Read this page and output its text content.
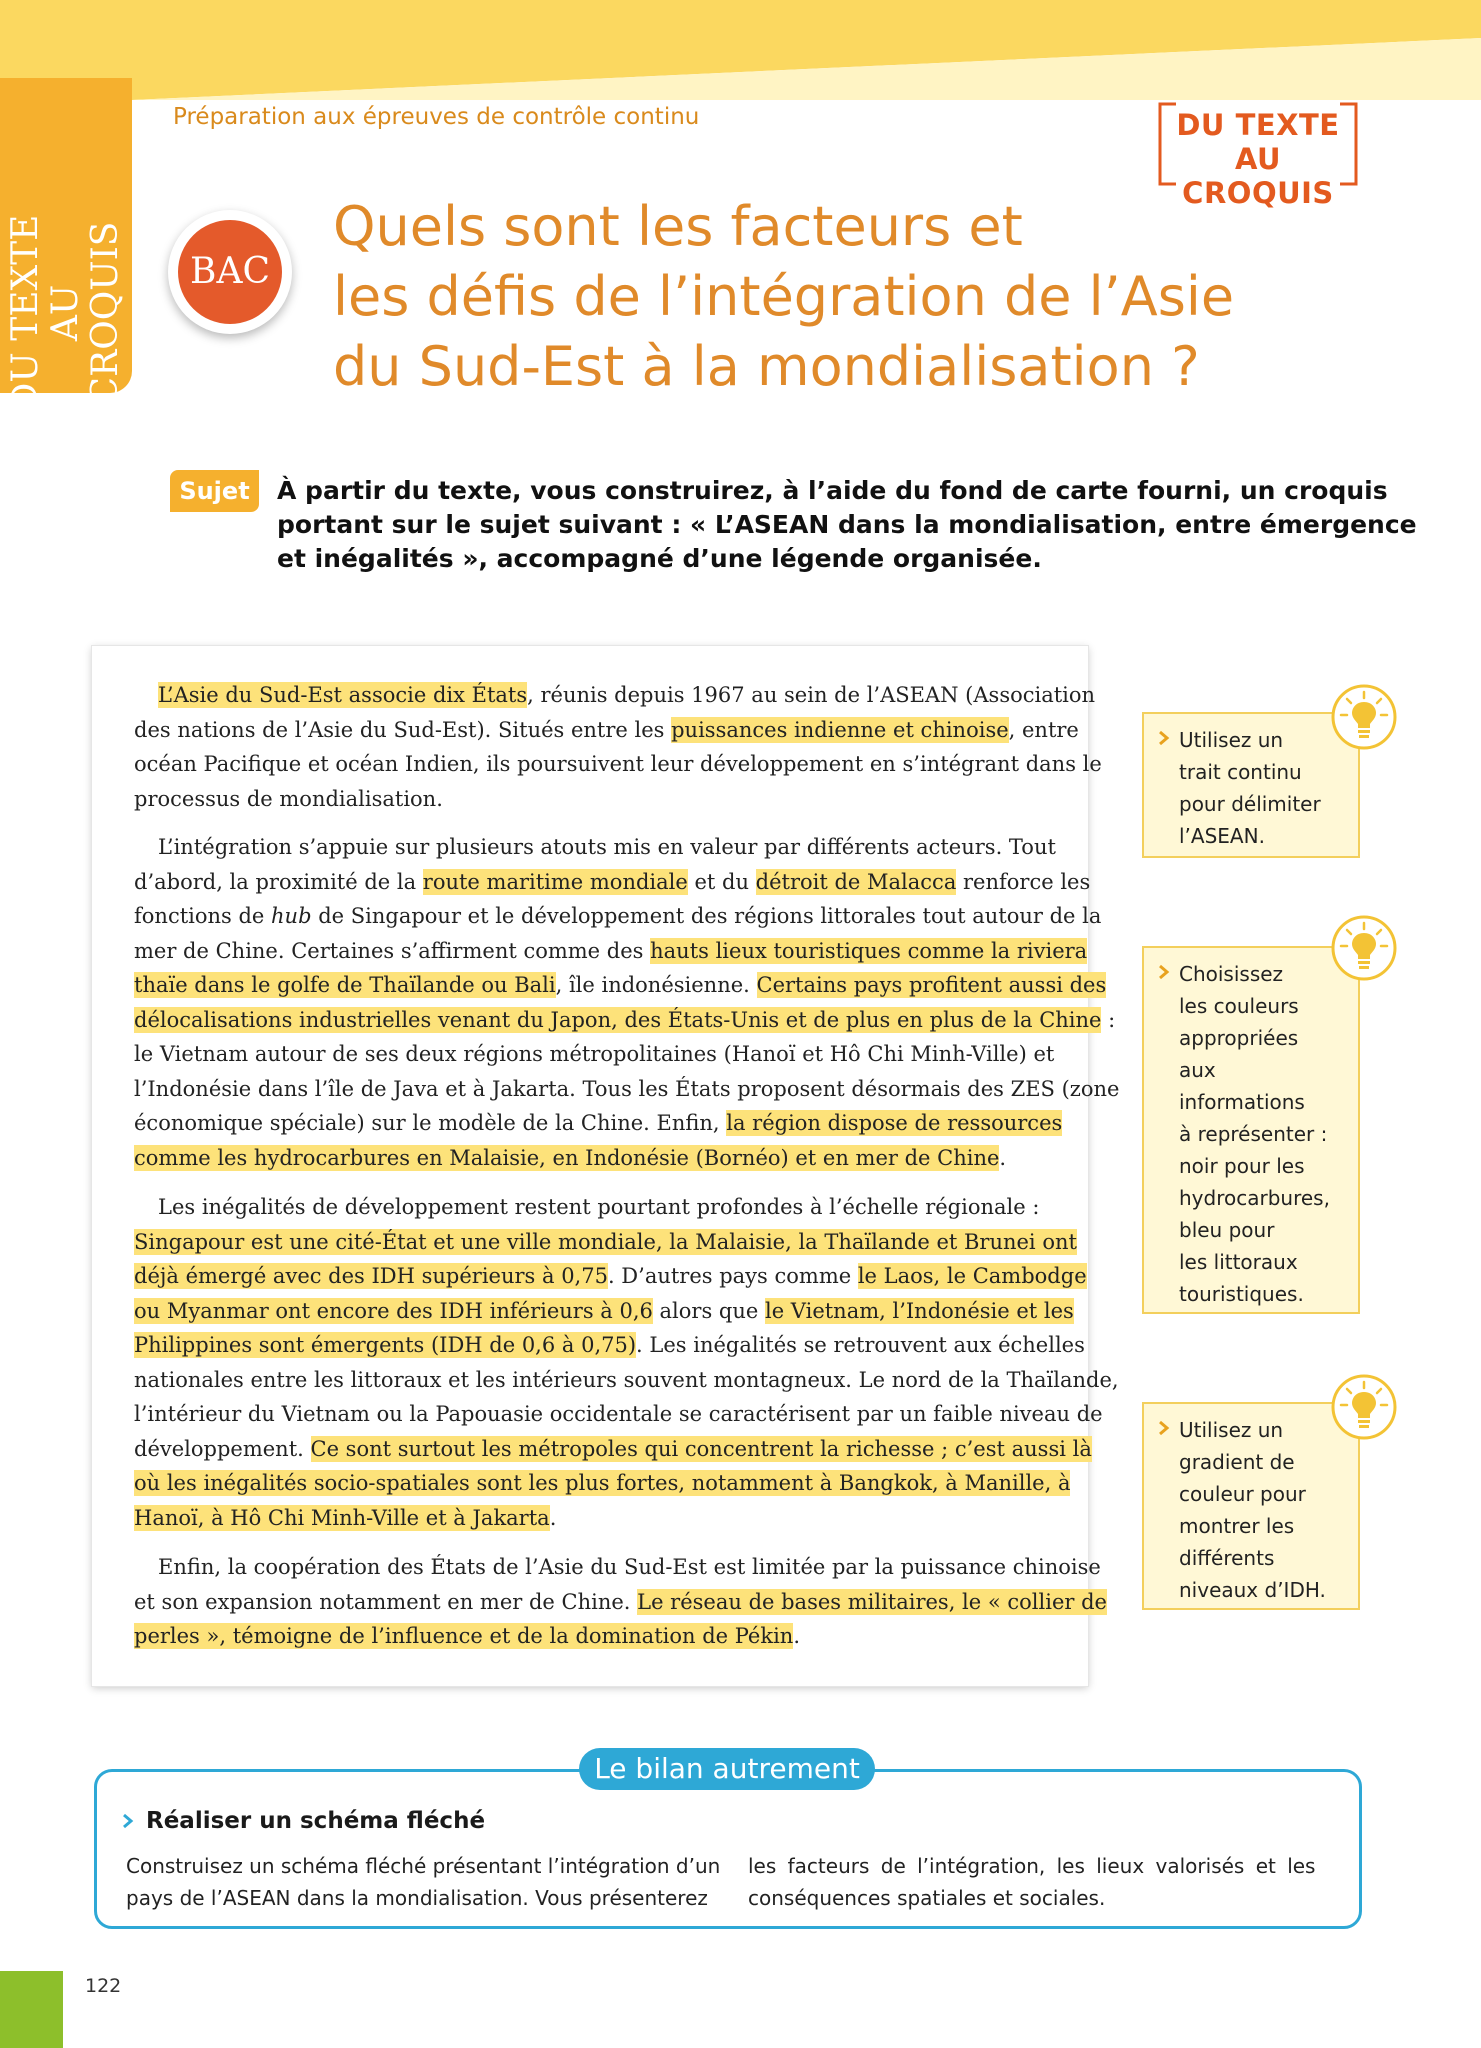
DU TEXTE AU CROQUIS
Préparation aux épreuves de contrôle continu	DU TEXTE
AU CROQUIS
BAC
Quels sont les facteurs et
les défis de l’intégration de l’Asie
du Sud-Est à la mondialisation ?
Sujet	À partir du texte, vous construirez, à l’aide du fond de carte fourni, un croquis
portant sur le sujet suivant : « L’ASEAN dans la mondialisation, entre émergence
et inégalités », accompagné d’une légende organisée.

L’Asie du Sud-Est associe dix États, réunis depuis 1967 au sein de l’ASEAN (Association
des nations de l’Asie du Sud-Est). Situés entre les puissances indienne et chinoise, entre
océan Pacifique et océan Indien, ils poursuivent leur développement en s’intégrant dans le
processus de mondialisation.

L’intégration s’appuie sur plusieurs atouts mis en valeur par différents acteurs. Tout
d’abord, la proximité de la route maritime mondiale et du détroit de Malacca renforce les
fonctions de hub de Singapour et le développement des régions littorales tout autour de la
mer de Chine. Certaines s’affirment comme des hauts lieux touristiques comme la riviera
thaïe dans le golfe de Thaïlande ou Bali, île indonésienne. Certains pays profitent aussi des
délocalisations industrielles venant du Japon, des États-Unis et de plus en plus de la Chine :
le Vietnam autour de ses deux régions métropolitaines (Hanoï et Hô Chi Minh-Ville) et
l’Indonésie dans l’île de Java et à Jakarta. Tous les États proposent désormais des ZES (zone
économique spéciale) sur le modèle de la Chine. Enfin, la région dispose de ressources
comme les hydrocarbures en Malaisie, en Indonésie (Bornéo) et en mer de Chine.

Les inégalités de développement restent pourtant profondes à l’échelle régionale :
Singapour est une cité-État et une ville mondiale, la Malaisie, la Thaïlande et Brunei ont
déjà émergé avec des IDH supérieurs à 0,75. D’autres pays comme le Laos, le Cambodge
ou Myanmar ont encore des IDH inférieurs à 0,6 alors que le Vietnam, l’Indonésie et les
Philippines sont émergents (IDH de 0,6 à 0,75). Les inégalités se retrouvent aux échelles
nationales entre les littoraux et les intérieurs souvent montagneux. Le nord de la Thaïlande,
l’intérieur du Vietnam ou la Papouasie occidentale se caractérisent par un faible niveau de
développement. Ce sont surtout les métropoles qui concentrent la richesse ; c’est aussi là
où les inégalités socio-spatiales sont les plus fortes, notamment à Bangkok, à Manille, à
Hanoï, à Hô Chi Minh-Ville et à Jakarta.

Enfin, la coopération des États de l’Asie du Sud-Est est limitée par la puissance chinoise
et son expansion notamment en mer de Chine. Le réseau de bases militaires, le « collier de
perles », témoigne de l’influence et de la domination de Pékin.

Utilisez un
trait continu
pour délimiter
l’ASEAN.
Choisissez
les couleurs
appropriées
aux
informations
à représenter :
noir pour les
hydrocarbures,
bleu pour
les littoraux
touristiques.
Utilisez un
gradient de
couleur pour
montrer les
différents
niveaux d’IDH.
Le bilan autrement
Réaliser un schéma fléché
Construisez un schéma fléché présentant l’intégration d’un
pays de l’ASEAN dans la mondialisation. Vous présenterez
les facteurs de l’intégration, les lieux valorisés et les
conséquences spatiales et sociales.
122
